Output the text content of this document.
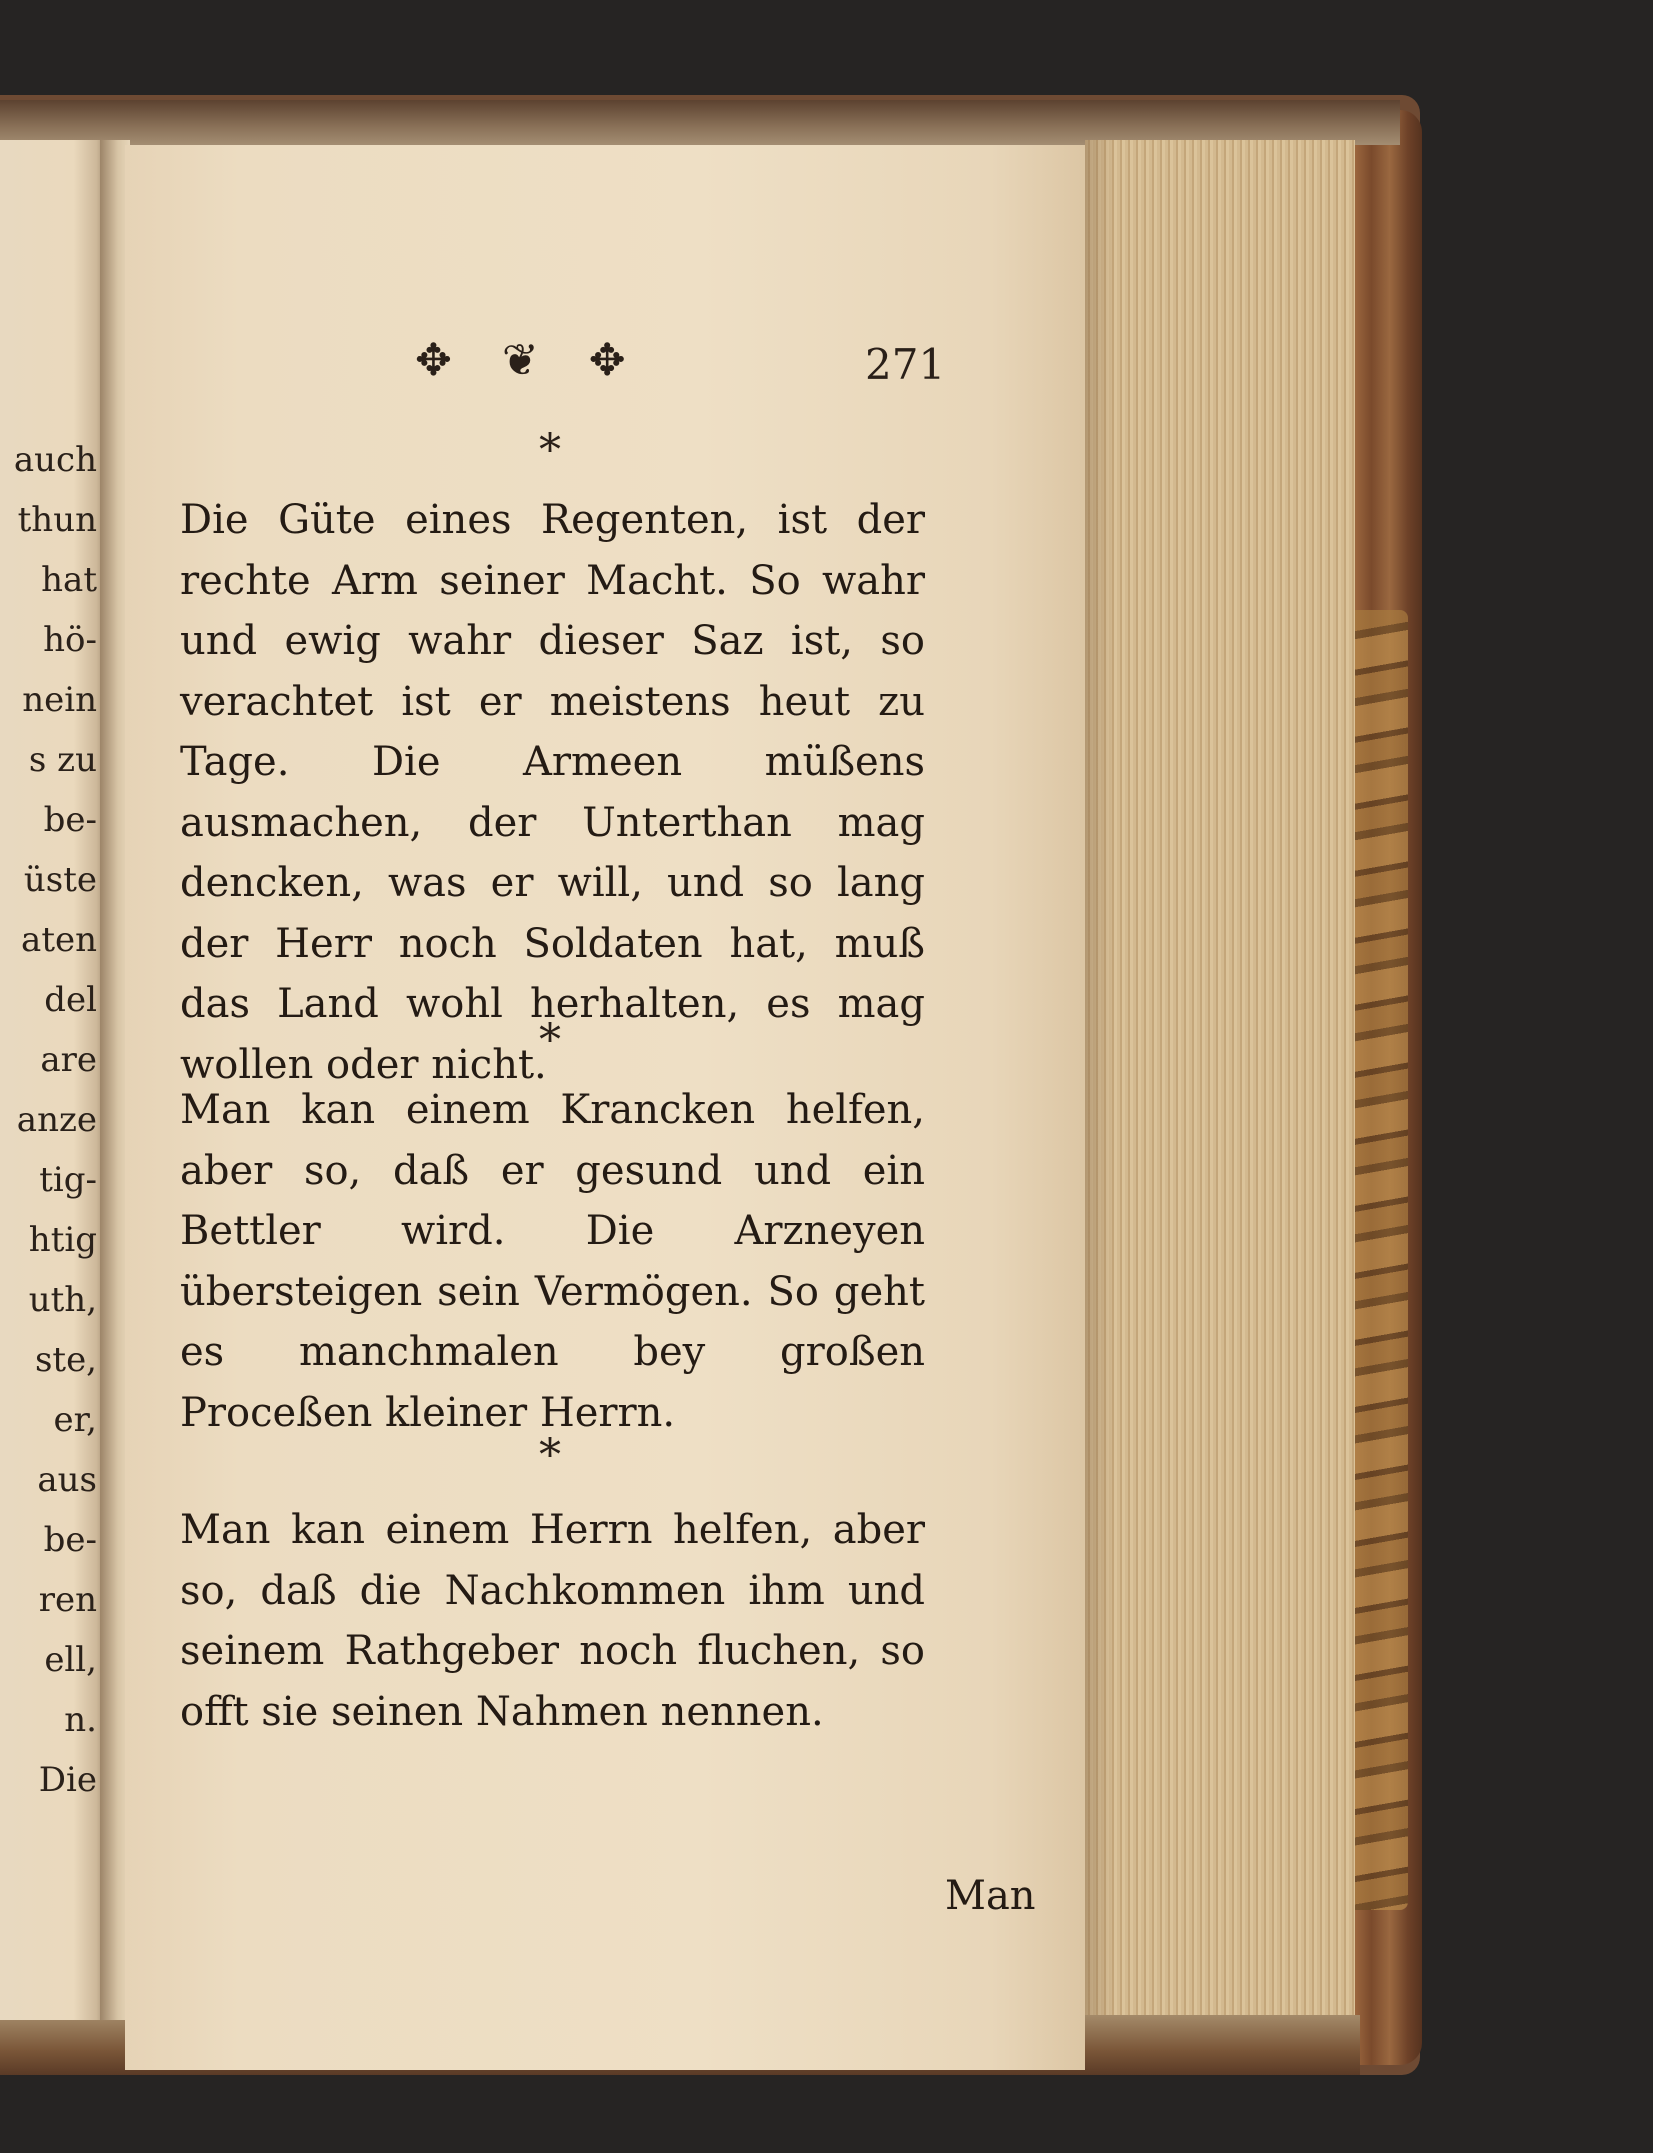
auch
thun
hat
hö-
nein
s zu
be-
üste
aten
del
are
anze
tig-
htig
uth,
ste,
er,
aus
be-
ren
ell,
n.
Die
✥ ❦ ✥	271
*

Die Güte eines Regenten, ist der rechte Arm seiner Macht. So wahr und ewig wahr dieser Saz ist, so verachtet ist er meistens heut zu Tage. Die Armeen müßens ausmachen, der Unterthan mag dencken, was er will, und so lang der Herr noch Soldaten hat, muß das Land wohl herhalten, es mag wollen oder nicht.

*

Man kan einem Krancken helfen, aber so, daß er gesund und ein Bettler wird. Die Arzneyen übersteigen sein Vermögen. So geht es manchmalen bey großen Proceßen kleiner Herrn.

*

Man kan einem Herrn helfen, aber so, daß die Nachkommen ihm und seinem Rathgeber noch fluchen, so offt sie seinen Nahmen nennen.

Man
